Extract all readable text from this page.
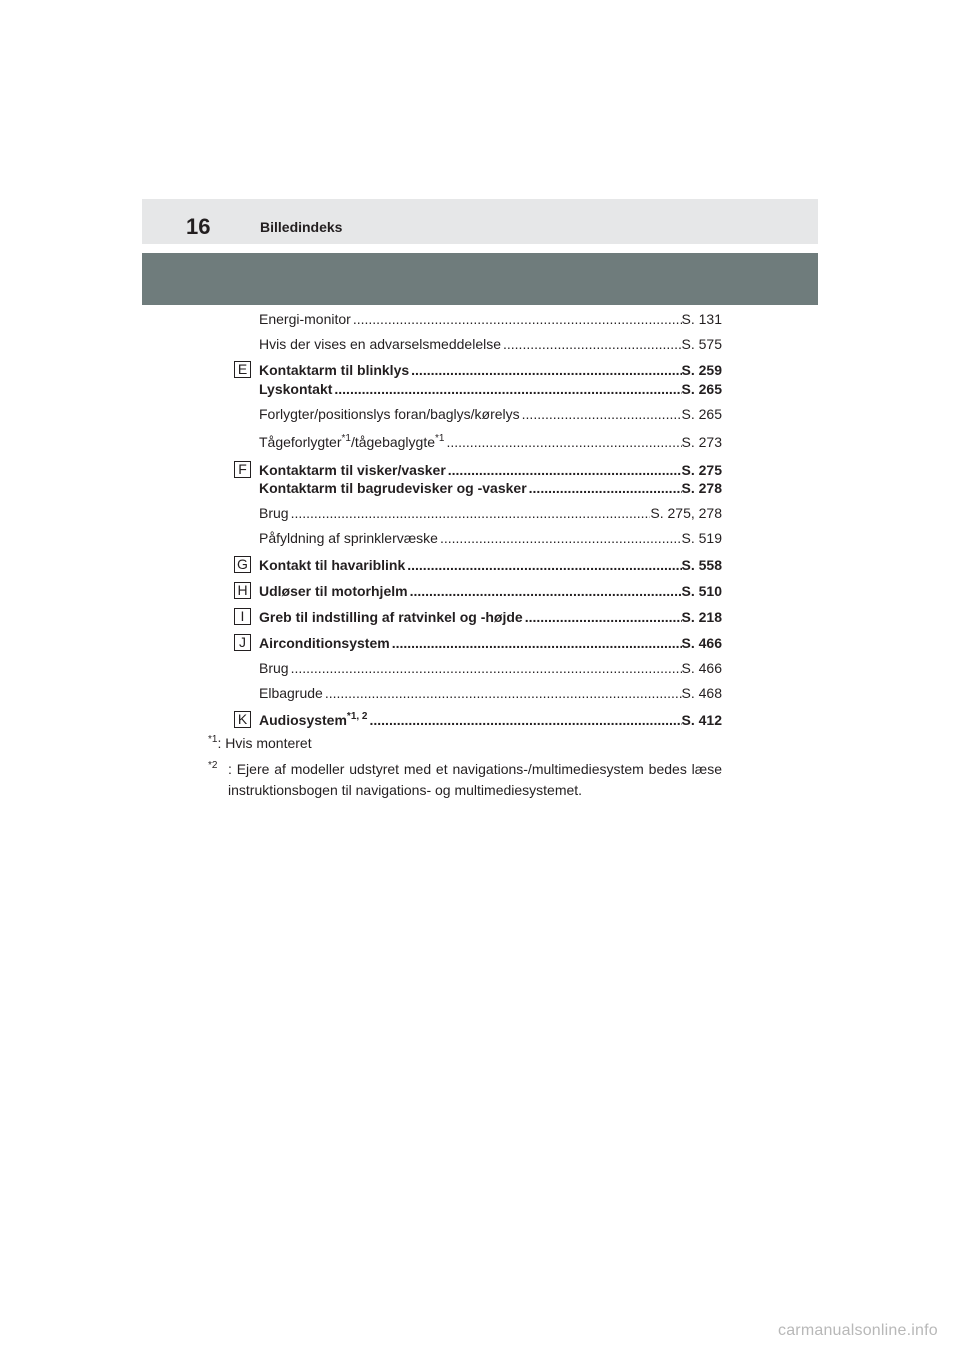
16	Billedindeks
Energi-monitor .....	S. 131
Hvis der vises en advarselsmeddelelse .....	S. 575
E Kontaktarm til blinklys .....	S. 259
Lyskontakt .....	S. 265
Forlygter/positionslys foran/baglys/kørelys .....	S. 265
Tågeforlygter$^{*1}$/tågebaglygte$^{*1}$ .....	S. 273
F Kontaktarm til visker/vasker .....	S. 275
Kontaktarm til bagrudevisker og -vasker .....	S. 278
Brug .....	S. 275, 278
Påfyldning af sprinklervæske .....	S. 519
G Kontakt til havariblink .....	S. 558
H Udløser til motorhjelm .....	S. 510
I	Greb til indstilling af ratvinkel og -højde .....	S. 218
J Airconditionsystem .....	S. 466
Brug .....	S. 466
Elbagrude .....	S. 468
K Audiosystem$^{*1, 2}$ .....	S. 412
$^{*1}$: Hvis monteret
$^{*2}$ : Ejere af modeller udstyret med et navigations-/multimediesystem bedes læse instruktionsbogen til navigations- og multimediesystemet.
carmanualsonline.info
